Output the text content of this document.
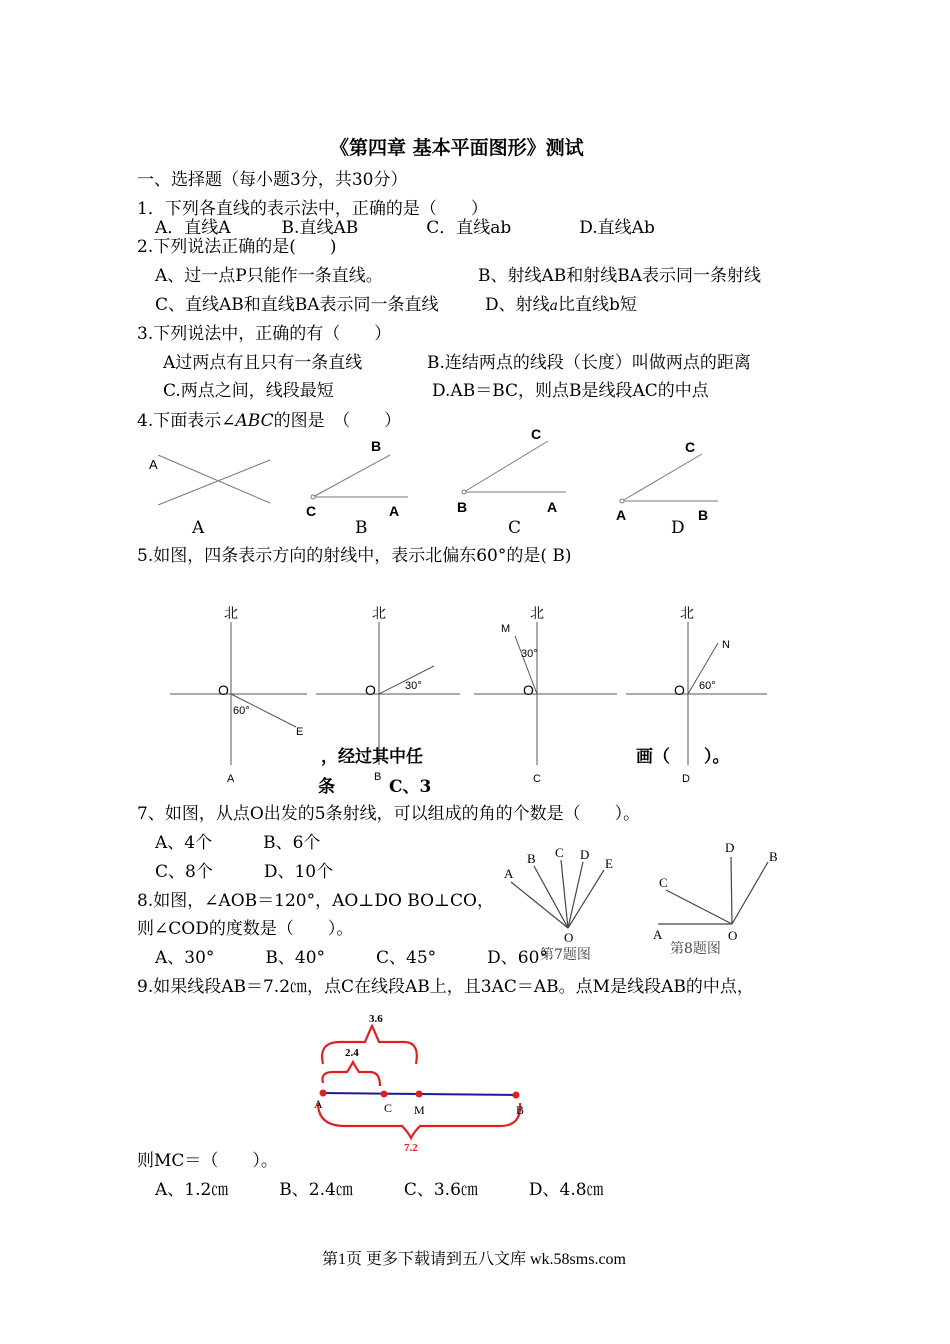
《第四章 基本平面图形》测试
一、选择题（每小题3分，共30分）
1．下列各直线的表示法中，正确的是（　　）
A．直线A　　　B.直线AB　　　　C．直线ab　　　　D.直线Ab
2.下列说法正确的是(　　)
A、过一点P只能作一条直线。	B、射线AB和射线BA表示同一条射线
C、直线AB和直线BA表示同一条直线	D、射线a比直线b短
3.下列说法中，正确的有（　　）
A过两点有且只有一条直线	B.连结两点的线段（长度）叫做两点的距离
C.两点之间，线段最短	D.AB＝BC，则点B是线段AC的中点
4.下面表示∠ABC的图是　（　　）
A
A
B
C	A
B
C
B	A
C
C
A	B
D
5.如图，四条表示方向的射线中，表示北偏东60°的是( B)
北
O
60°
E
A
北
O	30°
B
北
M
30°
O
C
北
N
O 60°
D
，经过其中任	画（　　）。
条	C、3
7、如图，从点O出发的5条射线，可以组成的角的个数是（　　）。
A、4个　　　B、6个
C、8个　　　D、10个	A
B C D
E
O
第7题图
8.如图，∠AOB＝120°，AO⊥DO BO⊥CO，
则∠COD的度数是（　　）。
A、30°　　　B、40°　　　C、45°　　　D、60°
D
B
C
A	O
第8题图
9.如果线段AB＝7.2㎝，点C在线段AB上，且3AC＝AB。点M是线段AB的中点，
3.6
2.4
A	C M	B
7.2
则MC＝（　　）。
A、1.2㎝　　　B、2.4㎝　　　C、3.6㎝　　　D、4.8㎝
第1页 更多下载请到五八文库 wk.58sms.com
